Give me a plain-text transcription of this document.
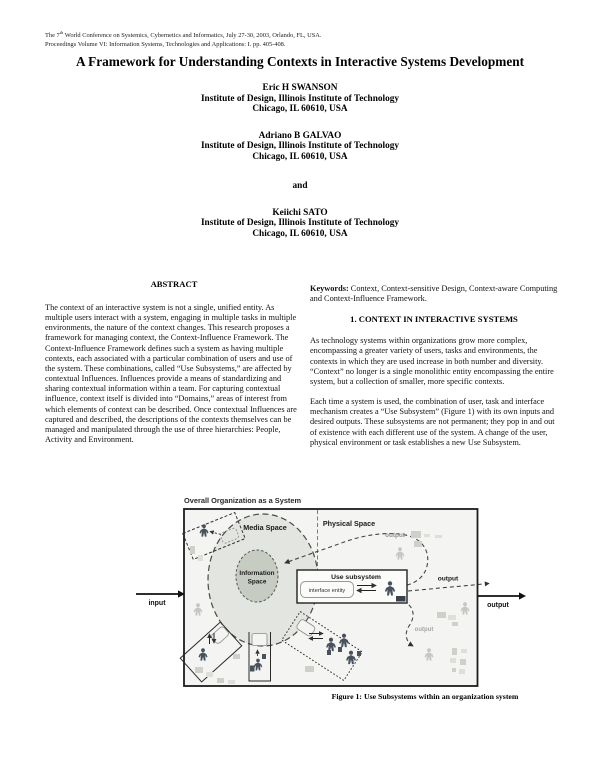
The 7th World Conference on Systemics, Cybernetics and Informatics, July 27-30, 2003, Orlando, FL, USA.
Proceedings Volume VI: Information Systems, Technologies and Applications: I. pp. 405-408.
A Framework for Understanding Contexts in Interactive Systems Development
Eric H SWANSON
Institute of Design, Illinois Institute of Technology
Chicago, IL 60610, USA
Adriano B GALVAO
Institute of Design, Illinois Institute of Technology
Chicago, IL 60610, USA
and
Keiichi SATO
Institute of Design, Illinois Institute of Technology
Chicago, IL 60610, USA
ABSTRACT

The context of an interactive system is not a single, unified entity. As multiple users interact with a system, engaging in multiple tasks in multiple environments, the nature of the context changes. This research proposes a framework for managing context, the Context-Influence Framework. The Context-Influence Framework defines such a system as having multiple contexts, each associated with a particular combination of users and use of the system. These combinations, called “Use Subsystems,” are affected by contextual Influences. Influences provide a means of standardizing and sharing contextual information within a team. For capturing contextual influence, context itself is divided into “Domains,” areas of interest from which elements of context can be described. Once contextual Influences are captured and described, the descriptions of the contexts themselves can be managed and manipulated through the use of three hierarchies: People, Activity and Environment.

Keywords: Context, Context-sensitive Design, Context-aware Computing and Context-Influence Framework.

1. CONTEXT IN INTERACTIVE SYSTEMS

As technology systems within organizations grow more complex, encompassing a greater variety of users, tasks and environments, the contexts in which they are used increase in both number and diversity. “Context” no longer is a single monolithic entity encompassing the entire system, but a collection of smaller, more specific contexts.

Each time a system is used, the combination of user, task and interface mechanism creates a “Use Subsystem” (Figure 1) with its own inputs and desired outputs. These subsystems are not permanent; they pop in and out of existence with each different use of the system. A change of the user, physical environment or task establishes a new Use Subsystem.

Overall Organization as a System
input	output
Information
Space
Media Space	Physical Space
output
output
output
Use subsystem
interface entity
Figure 1: Use Subsystems within an organization system
